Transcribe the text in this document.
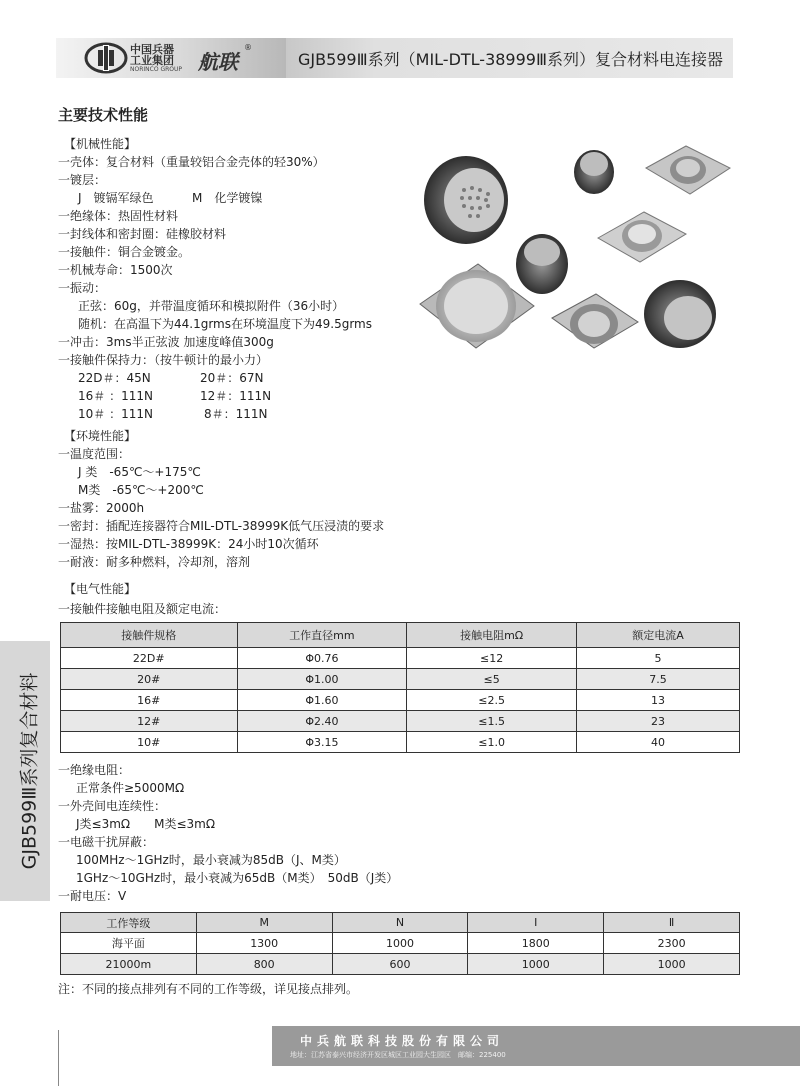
中国兵器
工业集团
NORINCO GROUP 航联
®
GJB599Ⅲ系列（MIL-DTL-38999Ⅲ系列）复合材料电连接器
GJB599Ⅲ系列复合材料
主要技术性能
【机械性能】
一壳体：复合材料（重量较铝合金壳体的轻30%）
一镀层：
J　镀镉军绿色	M　化学镀镍
一绝缘体：热固性材料
一封线体和密封圈：硅橡胶材料
一接触件：铜合金镀金。
一机械寿命：1500次
一振动：
正弦：60g，并带温度循环和模拟附件（36小时）
随机：在高温下为44.1grms在环境温度下为49.5grms
一冲击：3ms半正弦波 加速度峰值300g
一接触件保持力：（按牛顿计的最小力）
22D＃：45N	20＃：67N
16＃ ：111N	12＃：111N
10＃ ：111N	8＃：111N
【环境性能】
一温度范围：
J 类　-65℃～+175℃
M类　-65℃～+200℃
一盐雾：2000h
一密封：插配连接器符合MIL-DTL-38999K低气压浸渍的要求
一湿热：按MIL-DTL-38999K：24小时10次循环
一耐液：耐多种燃料，冷却剂，溶剂
【电气性能】
一接触件接触电阻及额定电流：
接触件规格	工作直径mm	接触电阻mΩ	额定电流A
22D#	Φ0.76	≤12	5
20#	Φ1.00	≤5	7.5
16#	Φ1.60	≤2.5	13
12#	Φ2.40	≤1.5	23
10#	Φ3.15	≤1.0	40
一绝缘电阻：
正常条件≥5000MΩ
一外壳间电连续性：
J类≤3mΩ　　M类≤3mΩ
一电磁干扰屏蔽：
100MHz～1GHz时，最小衰减为85dB（J、M类）
1GHz～10GHz时，最小衰减为65dB（M类）　50dB（J类）
一耐电压：V
工作等级	M	N	I	Ⅱ
海平面	1300	1000	1800	2300
21000m	800	600	1000	1000
注：不同的接点排列有不同的工作等级，详见接点排列。
中兵航联科技股份有限公司
地址：江苏省泰兴市经济开发区城区工业园大生园区　邮编：225400
